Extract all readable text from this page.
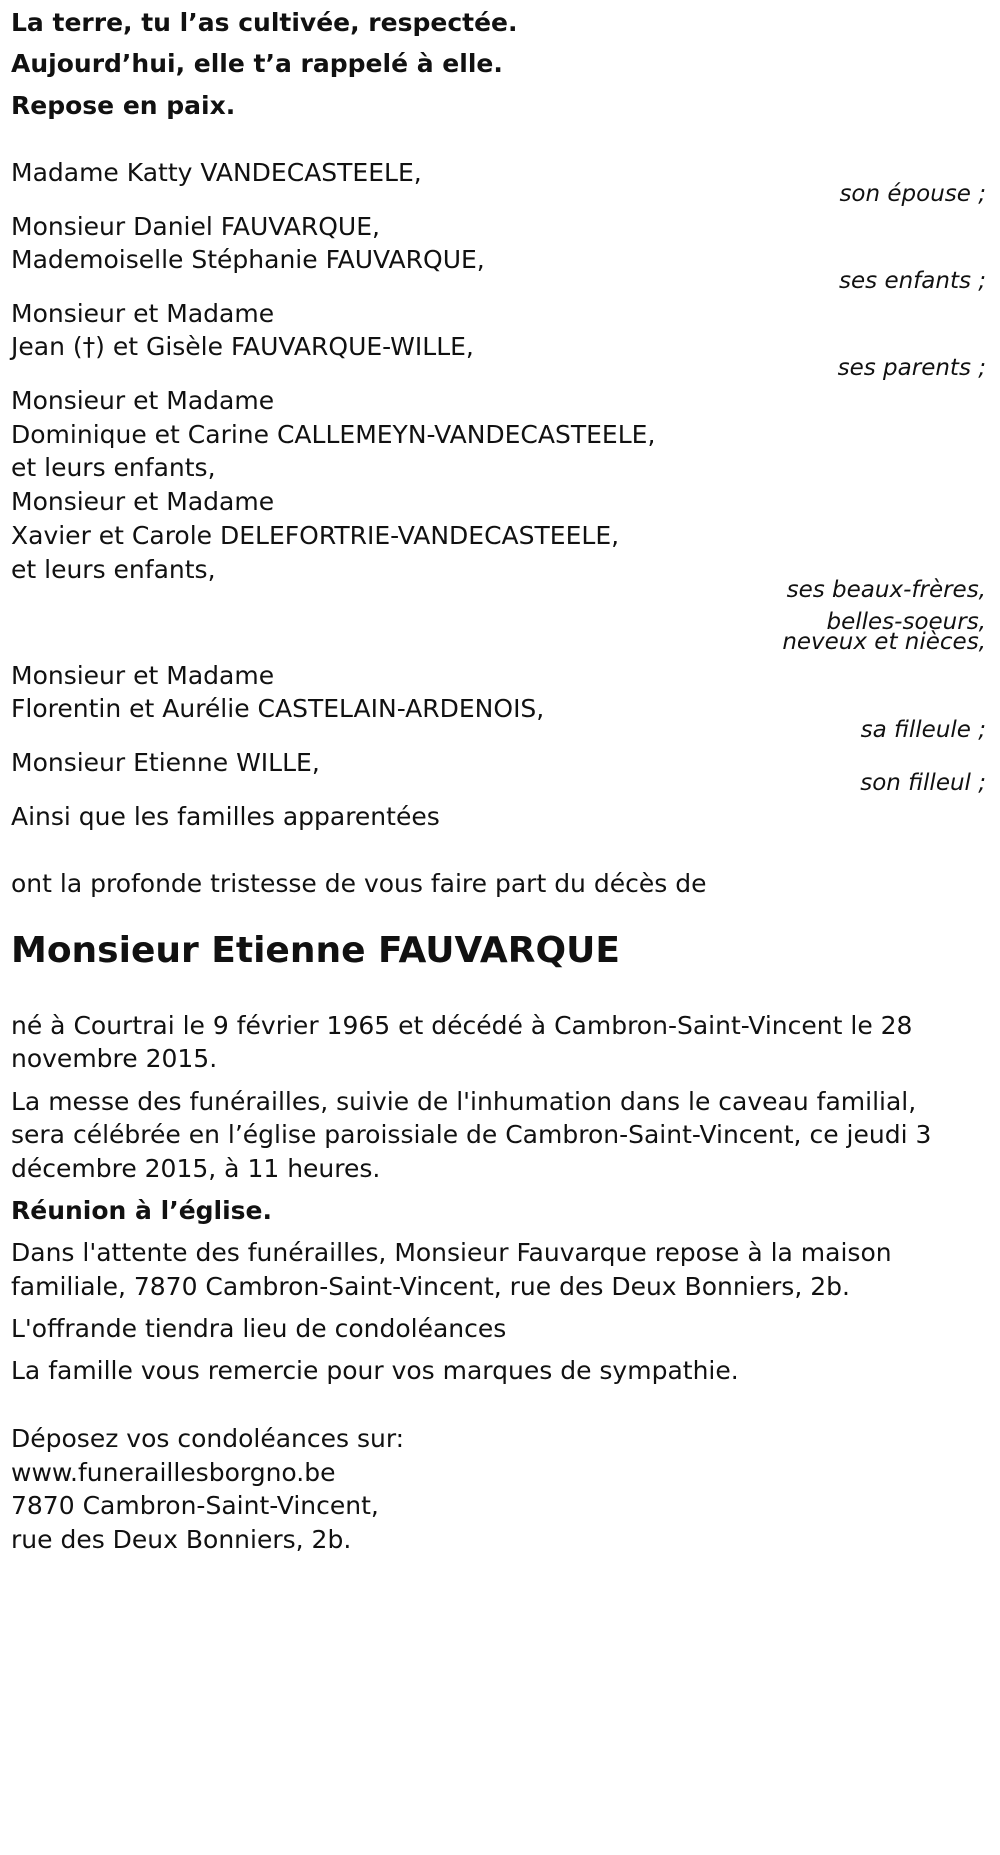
La terre, tu l’as cultivée, respectée.
Aujourd’hui, elle t’a rappelé à elle.
Repose en paix.
Madame Katty VANDECASTEELE,
son épouse ;
Monsieur Daniel FAUVARQUE,
Mademoiselle Stéphanie FAUVARQUE,
ses enfants ;
Monsieur et Madame
Jean (†) et Gisèle FAUVARQUE-WILLE,
ses parents ;
Monsieur et Madame
Dominique et Carine CALLEMEYN-VANDECASTEELE,
et leurs enfants,
Monsieur et Madame
Xavier et Carole DELEFORTRIE-VANDECASTEELE,
et leurs enfants,
ses beaux-frères,
belles-soeurs,
neveux et nièces,
Monsieur et Madame
Florentin et Aurélie CASTELAIN-ARDENOIS,
sa filleule ;
Monsieur Etienne WILLE,
son filleul ;
Ainsi que les familles apparentées
ont la profonde tristesse de vous faire part du décès de
Monsieur Etienne FAUVARQUE
né à Courtrai le 9 février 1965 et décédé à Cambron-Saint-Vincent le 28
novembre 2015.
La messe des funérailles, suivie de l'inhumation dans le caveau familial,
sera célébrée en l’église paroissiale de Cambron-Saint-Vincent, ce jeudi 3
décembre 2015, à 11 heures.
Réunion à l’église.
Dans l'attente des funérailles, Monsieur Fauvarque repose à la maison
familiale, 7870 Cambron-Saint-Vincent, rue des Deux Bonniers, 2b.
L'offrande tiendra lieu de condoléances
La famille vous remercie pour vos marques de sympathie.
Déposez vos condoléances sur:
www.funeraillesborgno.be
7870 Cambron-Saint-Vincent,
rue des Deux Bonniers, 2b.
